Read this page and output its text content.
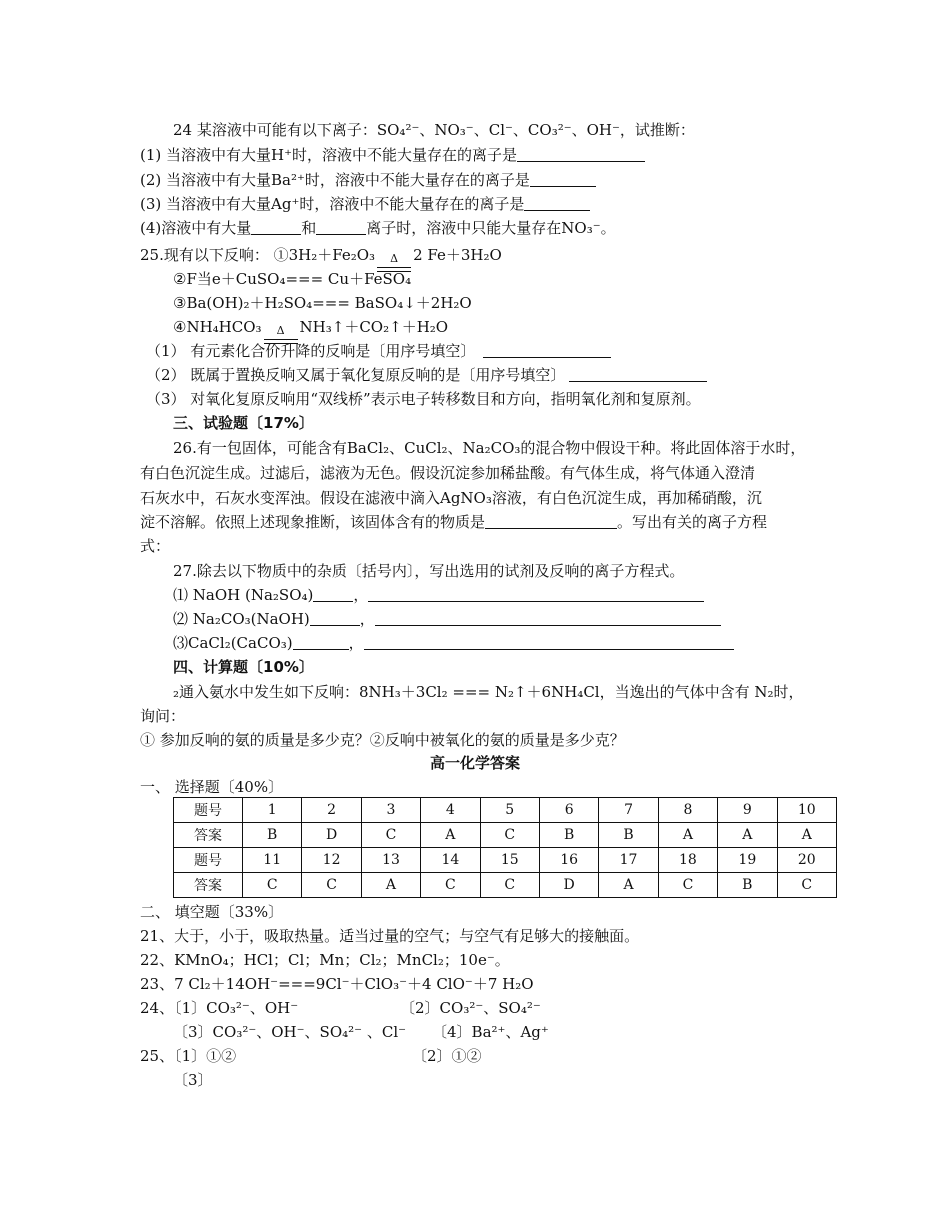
24 某溶液中可能有以下离子：SO₄²⁻、NO₃⁻、Cl⁻、CO₃²⁻、OH⁻，试推断：
(1) 当溶液中有大量H⁺时，溶液中不能大量存在的离子是
(2) 当溶液中有大量Ba²⁺时，溶液中不能大量存在的离子是
(3) 当溶液中有大量Ag⁺时，溶液中不能大量存在的离子是
(4)溶液中有大量	和	离子时，溶液中只能大量存在NO₃⁻。
25.现有以下反响： ①3H₂＋Fe₂O₃	Δ	2 Fe＋3H₂O
②F当e＋CuSO₄=== Cu＋FeSO₄
③Ba(OH)₂＋H₂SO₄=== BaSO₄↓＋2H₂O
④NH₄HCO₃	Δ	NH₃↑＋CO₂↑＋H₂O
（1） 有元素化合价升降的反响是〔用序号填空〕
（2） 既属于置换反响又属于氧化复原反响的是〔用序号填空〕
（3） 对氧化复原反响用“双线桥”表示电子转移数目和方向，指明氧化剂和复原剂。
三、试验题〔17%〕
26.有一包固体，可能含有BaCl₂、CuCl₂、Na₂CO₃的混合物中假设干种。将此固体溶于水时，
有白色沉淀生成。过滤后，滤液为无色。假设沉淀参加稀盐酸。有气体生成，将气体通入澄清
石灰水中，石灰水变浑浊。假设在滤液中滴入AgNO₃溶液，有白色沉淀生成，再加稀硝酸，沉
淀不溶解。依照上述现象推断，该固体含有的物质是	。写出有关的离子方程
式：
27.除去以下物质中的杂质〔括号内〕，写出选用的试剂及反响的离子方程式。
⑴ NaOH (Na₂SO₄)	，
⑵ Na₂CO₃(NaOH)	，
⑶CaCl₂(CaCO₃)	，
四、计算题〔10%〕
₂通入氨水中发生如下反响：8NH₃＋3Cl₂ === N₂↑＋6NH₄Cl，当逸出的气体中含有 N₂时，
询问：
① 参加反响的氨的质量是多少克？②反响中被氧化的氨的质量是多少克？
高一化学答案
一、 选择题〔40%〕
题号	1	2	3	4	5	6	7	8	9	10
答案	B	D	C	A	C	B	B	A	A	A
题号	11	12	13	14	15	16	17	18	19	20
答案	C	C	A	C	C	D	A	C	B	C
二、 填空题〔33%〕
21、大于，小于，吸取热量。适当过量的空气；与空气有足够大的接触面。
22、KMnO₄；HCl；Cl；Mn；Cl₂；MnCl₂；10e⁻。
23、7 Cl₂＋14OH⁻===9Cl⁻＋ClO₃⁻＋4 ClO⁻＋7 H₂O
24、〔1〕CO₃²⁻、OH⁻	〔2〕CO₃²⁻、SO₄²⁻
〔3〕CO₃²⁻、OH⁻、SO₄²⁻ 、Cl⁻ 〔4〕Ba²⁺、Ag⁺
25、〔1〕①②	〔2〕①②
〔3〕
